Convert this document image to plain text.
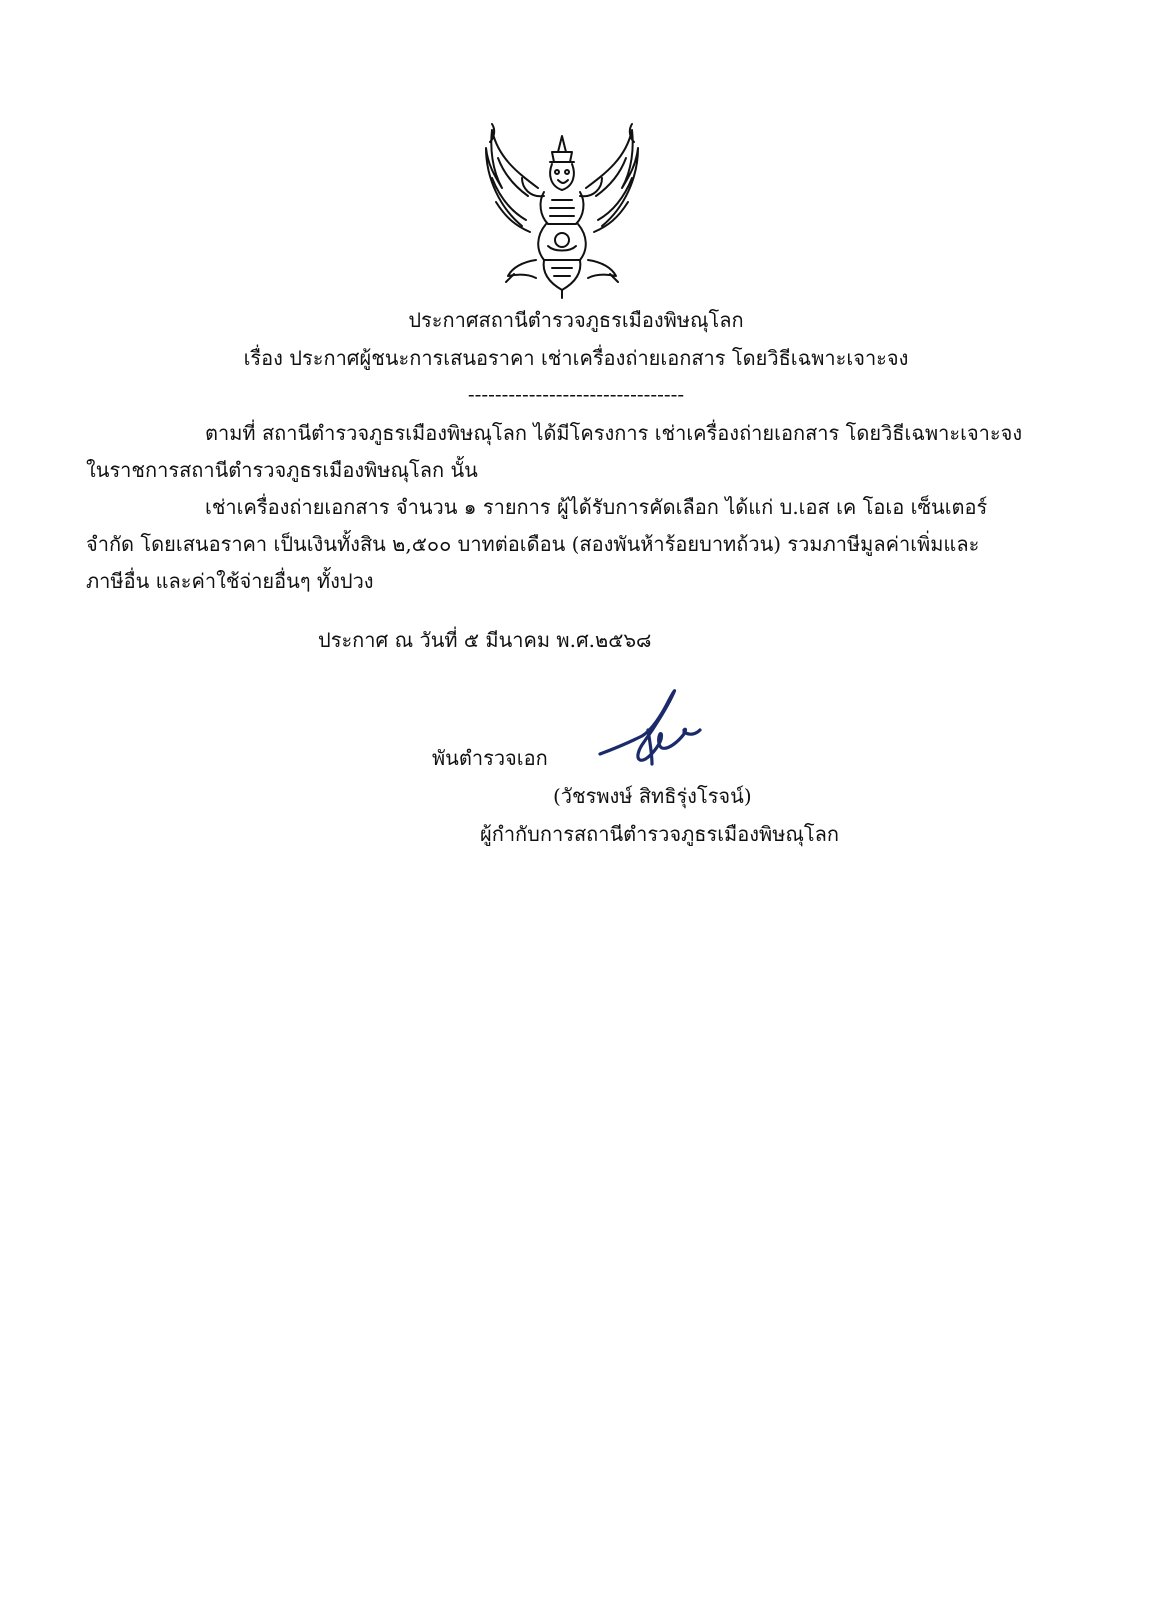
ประกาศสถานีตำรวจภูธรเมืองพิษณุโลก
เรื่อง ประกาศผู้ชนะการเสนอราคา เช่าเครื่องถ่ายเอกสาร โดยวิธีเฉพาะเจาะจง
--------------------------------
ตามที่ สถานีตำรวจภูธรเมืองพิษณุโลก ได้มีโครงการ เช่าเครื่องถ่ายเอกสาร โดยวิธีเฉพาะเจาะจง
ในราชการสถานีตำรวจภูธรเมืองพิษณุโลก นั้น
เช่าเครื่องถ่ายเอกสาร จำนวน ๑ รายการ ผู้ได้รับการคัดเลือก ได้แก่ บ.เอส เค โอเอ เซ็นเตอร์
จำกัด โดยเสนอราคา เป็นเงินทั้งสิน ๒,๕๐๐ บาทต่อเดือน (สองพันห้าร้อยบาทถ้วน) รวมภาษีมูลค่าเพิ่มและ
ภาษีอื่น และค่าใช้จ่ายอื่นๆ ทั้งปวง
ประกาศ ณ วันที่ ๕ มีนาคม พ.ศ.๒๕๖๘
พันตำรวจเอก
(วัชรพงษ์ สิทธิรุ่งโรจน์)
ผู้กำกับการสถานีตำรวจภูธรเมืองพิษณุโลก
